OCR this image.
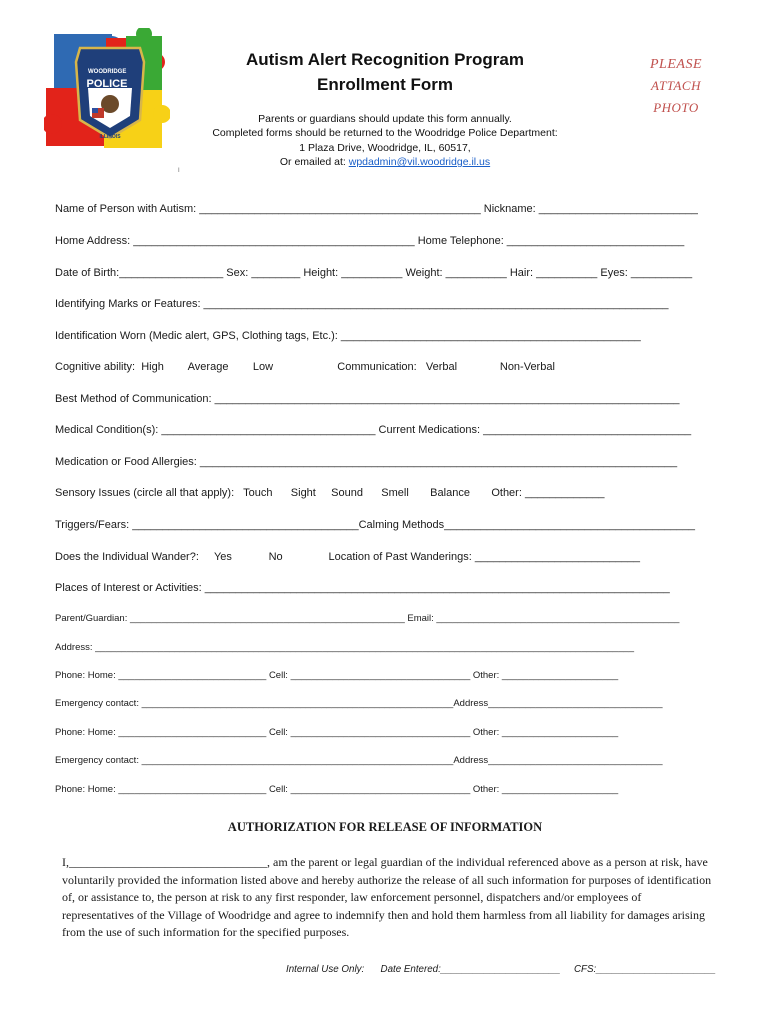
WOODRIDGE
POLICE
ILLINOIS
I
Autism Alert Recognition Program
Enrollment Form
PLEASE
ATTACH
PHOTO
Parents or guardians should update this form annually.
Completed forms should be returned to the Woodridge Police Department:
1 Plaza Drive, Woodridge, IL, 60517,
Or emailed at: wpdadmin@vil.woodridge.il.us
Name of Person with Autism: ______________________________________________ Nickname: __________________________
Home Address: ______________________________________________ Home Telephone: _____________________________
Date of Birth:_________________ Sex: ________ Height: __________ Weight: __________ Hair: __________ Eyes: __________
Identifying Marks or Features: ____________________________________________________________________________
Identification Worn (Medic alert, GPS, Clothing tags, Etc.): _________________________________________________
Cognitive ability:  High        Average        Low                     Communication:   Verbal              Non-Verbal
Best Method of Communication: ____________________________________________________________________________
Medical Condition(s): ___________________________________ Current Medications: __________________________________
Medication or Food Allergies: ______________________________________________________________________________
Sensory Issues (circle all that apply):   Touch      Sight     Sound      Smell       Balance       Other: _____________
Triggers/Fears: _____________________________________Calming Methods_________________________________________
Does the Individual Wander?:     Yes            No               Location of Past Wanderings: ___________________________
Places of Interest or Activities: ____________________________________________________________________________
Parent/Guardian: ____________________________________________________ Email: ______________________________________________
Address: ______________________________________________________________________________________________________
Phone: Home: ____________________________ Cell: __________________________________ Other: ______________________
Emergency contact: ___________________________________________________________Address_________________________________
Phone: Home: ____________________________ Cell: __________________________________ Other: ______________________
Emergency contact: ___________________________________________________________Address_________________________________
Phone: Home: ____________________________ Cell: __________________________________ Other: ______________________
AUTHORIZATION FOR RELEASE OF INFORMATION
I,_________________________________, am the parent or legal guardian of the individual referenced above as a person at risk, have voluntarily provided the information listed above and hereby authorize the release of all such information for purposes of identification of, or assistance to, the person at risk to any first responder, law enforcement personnel, dispatchers and/or employees of representatives of the Village of Woodridge and agree to indemnify then and hold them harmless from all liability for damages arising from the use of such information for the specified purposes.
Internal Use Only:      Date Entered:______________________     CFS:______________________
